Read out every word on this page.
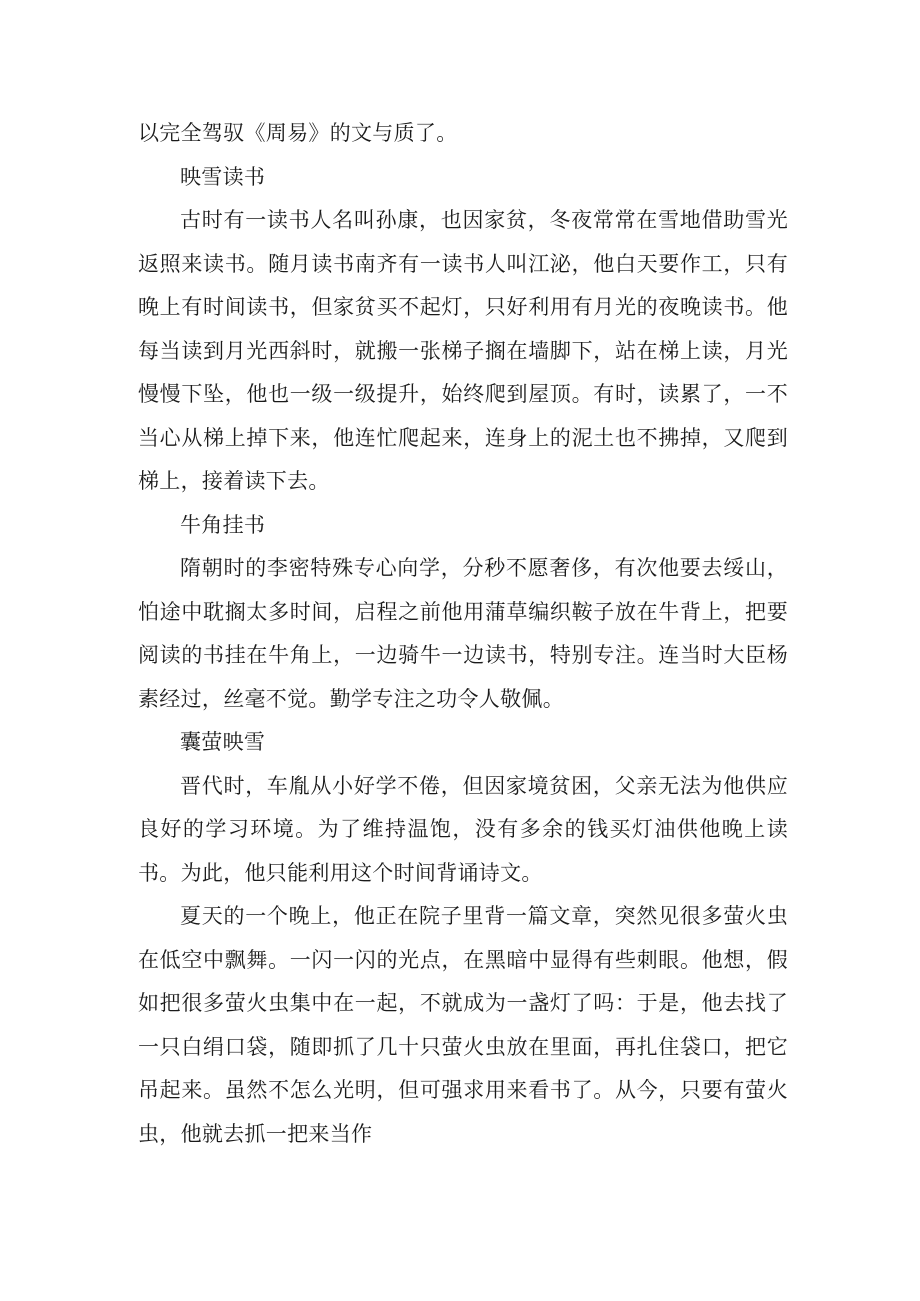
以完全驾驭《周易》的文与质了。

映雪读书

古时有一读书人名叫孙康，也因家贫，冬夜常常在雪地借助雪光返照来读书。随月读书南齐有一读书人叫江泌，他白天要作工，只有晚上有时间读书，但家贫买不起灯，只好利用有月光的夜晚读书。他每当读到月光西斜时，就搬一张梯子搁在墙脚下，站在梯上读，月光慢慢下坠，他也一级一级提升，始终爬到屋顶。有时，读累了，一不当心从梯上掉下来，他连忙爬起来，连身上的泥土也不拂掉，又爬到梯上，接着读下去。

牛角挂书

隋朝时的李密特殊专心向学，分秒不愿奢侈，有次他要去绥山，怕途中耽搁太多时间，启程之前他用蒲草编织鞍子放在牛背上，把要阅读的书挂在牛角上，一边骑牛一边读书，特别专注。连当时大臣杨素经过，丝毫不觉。勤学专注之功令人敬佩。

囊萤映雪

晋代时，车胤从小好学不倦，但因家境贫困，父亲无法为他供应良好的学习环境。为了维持温饱，没有多余的钱买灯油供他晚上读书。为此，他只能利用这个时间背诵诗文。

夏天的一个晚上，他正在院子里背一篇文章，突然见很多萤火虫在低空中飘舞。一闪一闪的光点，在黑暗中显得有些刺眼。他想，假如把很多萤火虫集中在一起，不就成为一盏灯了吗：于是，他去找了一只白绢口袋，随即抓了几十只萤火虫放在里面，再扎住袋口，把它吊起来。虽然不怎么光明，但可强求用来看书了。从今，只要有萤火虫，他就去抓一把来当作
